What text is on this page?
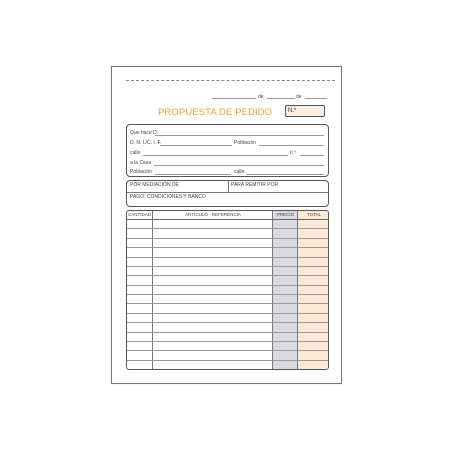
de	de
PROPUESTA DE PEDIDO	N.º
Que hace D.
D. N. I./C. I. F.	Población
calle	n.º
a la Casa
Población	calle
POR MEDIACIÓN DE	PARA REMITIR POR
PAGO: CONDICIONES Y BANCO
CANTIDAD	ARTÍCULO - REFERENCIA	PRECIO	TOTAL
